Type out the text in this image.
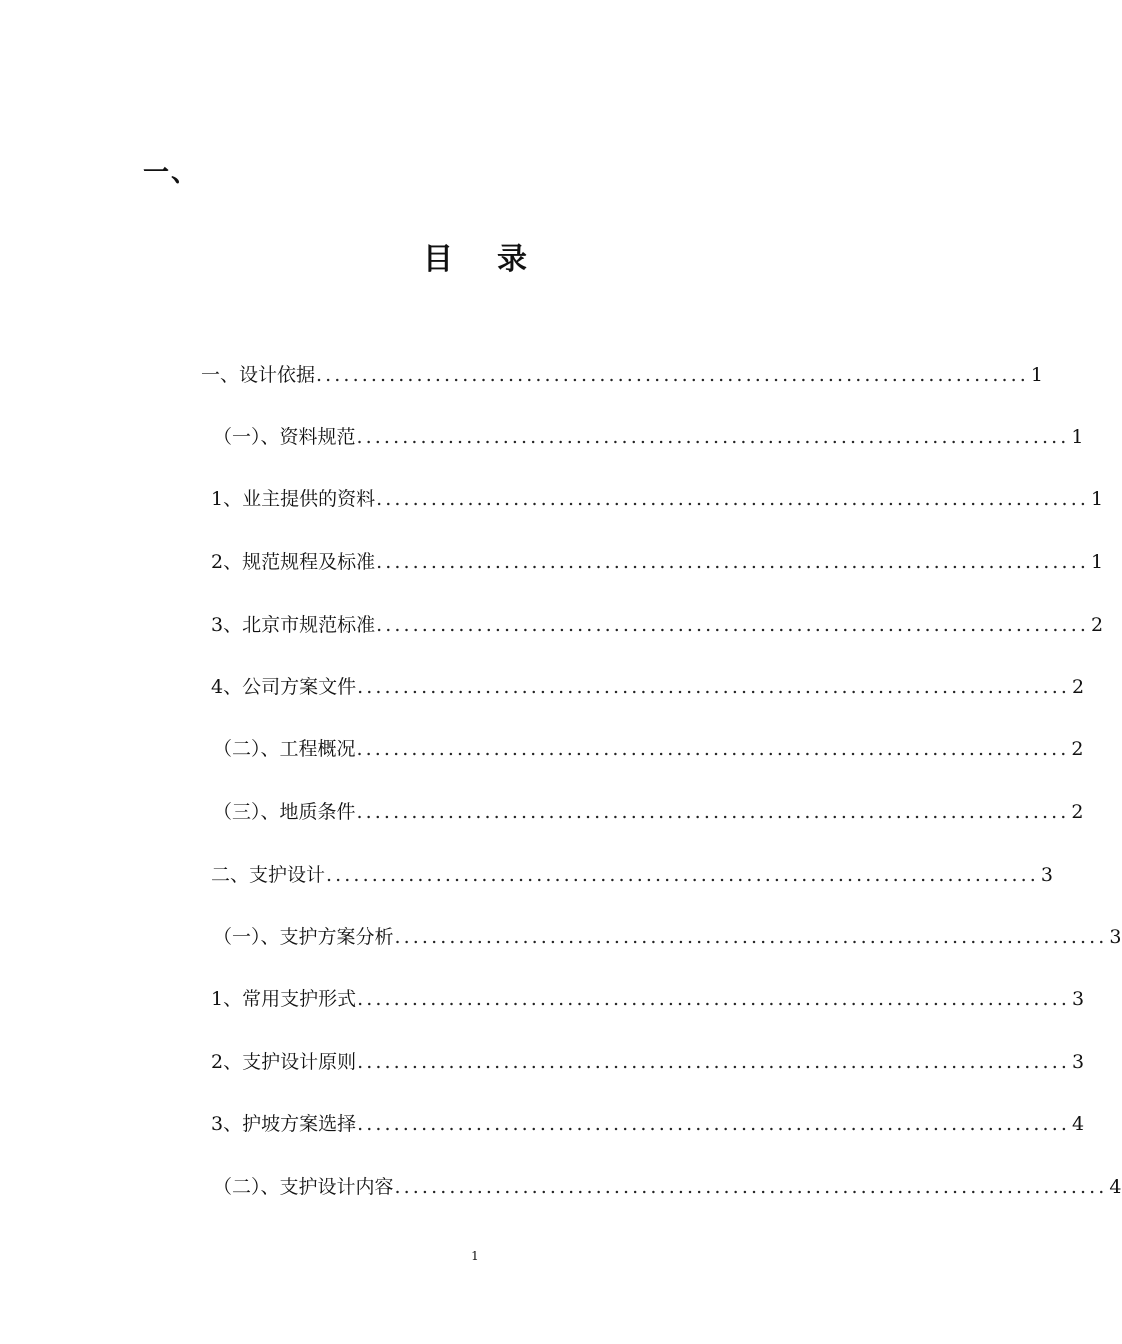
一、
目 录
一、设计依据 .............................................................................. 1
（一）、资料规范 .............................................................................. 1
1、业主提供的资料 .............................................................................. 1
2、规范规程及标准 .............................................................................. 1
3、北京市规范标准 .............................................................................. 2
4、公司方案文件 .............................................................................. 2
（二）、工程概况 .............................................................................. 2
（三）、地质条件 .............................................................................. 2
二、支护设计 .............................................................................. 3
（一）、支护方案分析 .............................................................................. 3
1、常用支护形式 .............................................................................. 3
2、支护设计原则 .............................................................................. 3
3、护坡方案选择 .............................................................................. 4
（二）、支护设计内容 .............................................................................. 4
1
